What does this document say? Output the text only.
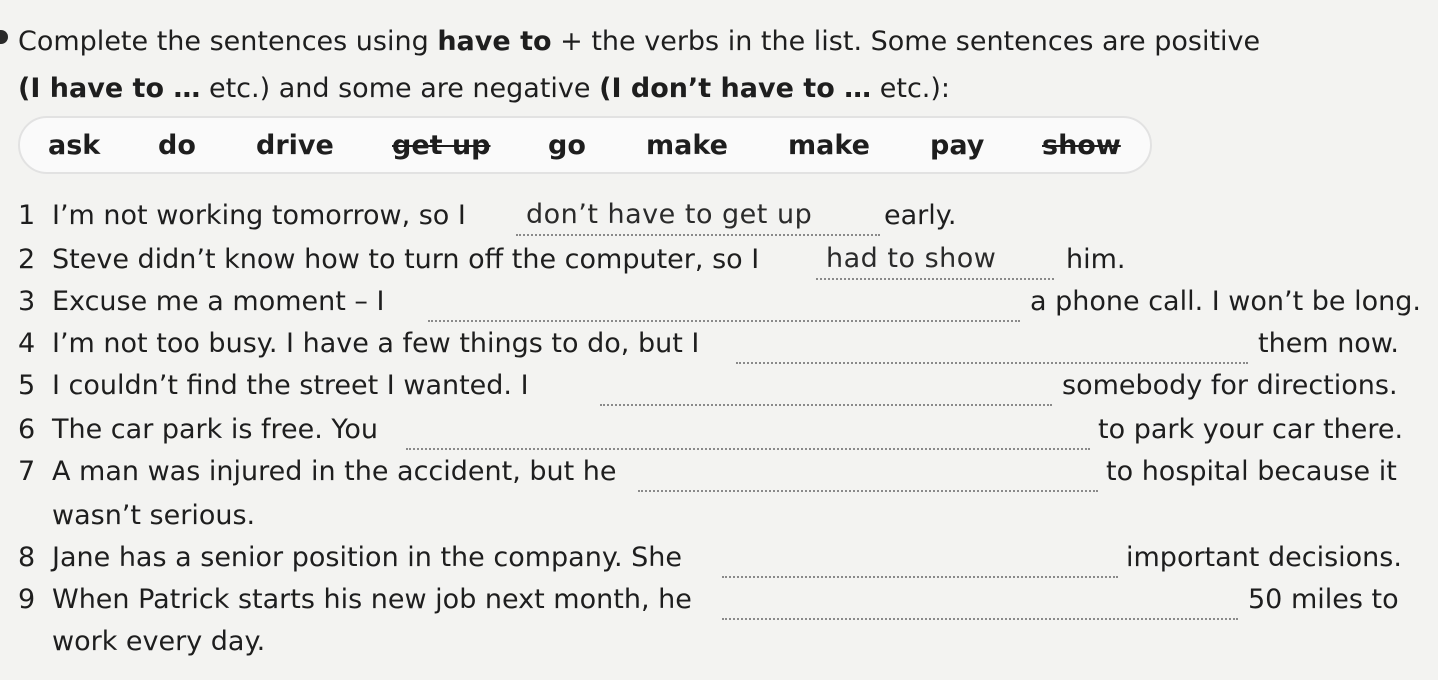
Complete the sentences using have to + the verbs in the list. Some sentences are positive
(I have to … etc.) and some are negative (I don’t have to … etc.):
ask do drive get up go make make pay show
1 I’m not working tomorrow, so I don’t have to get up	early.
2 Steve didn’t know how to turn off the computer, so I had to show	him.
3 Excuse me a moment – I	a phone call. I won’t be long.
4 I’m not too busy. I have a few things to do, but I	them now.
5 I couldn’t find the street I wanted. I	somebody for directions.
6 The car park is free. You	to park your car there.
7 A man was injured in the accident, but he	to hospital because it
wasn’t serious.
8 Jane has a senior position in the company. She	important decisions.
9 When Patrick starts his new job next month, he	50 miles to
work every day.
